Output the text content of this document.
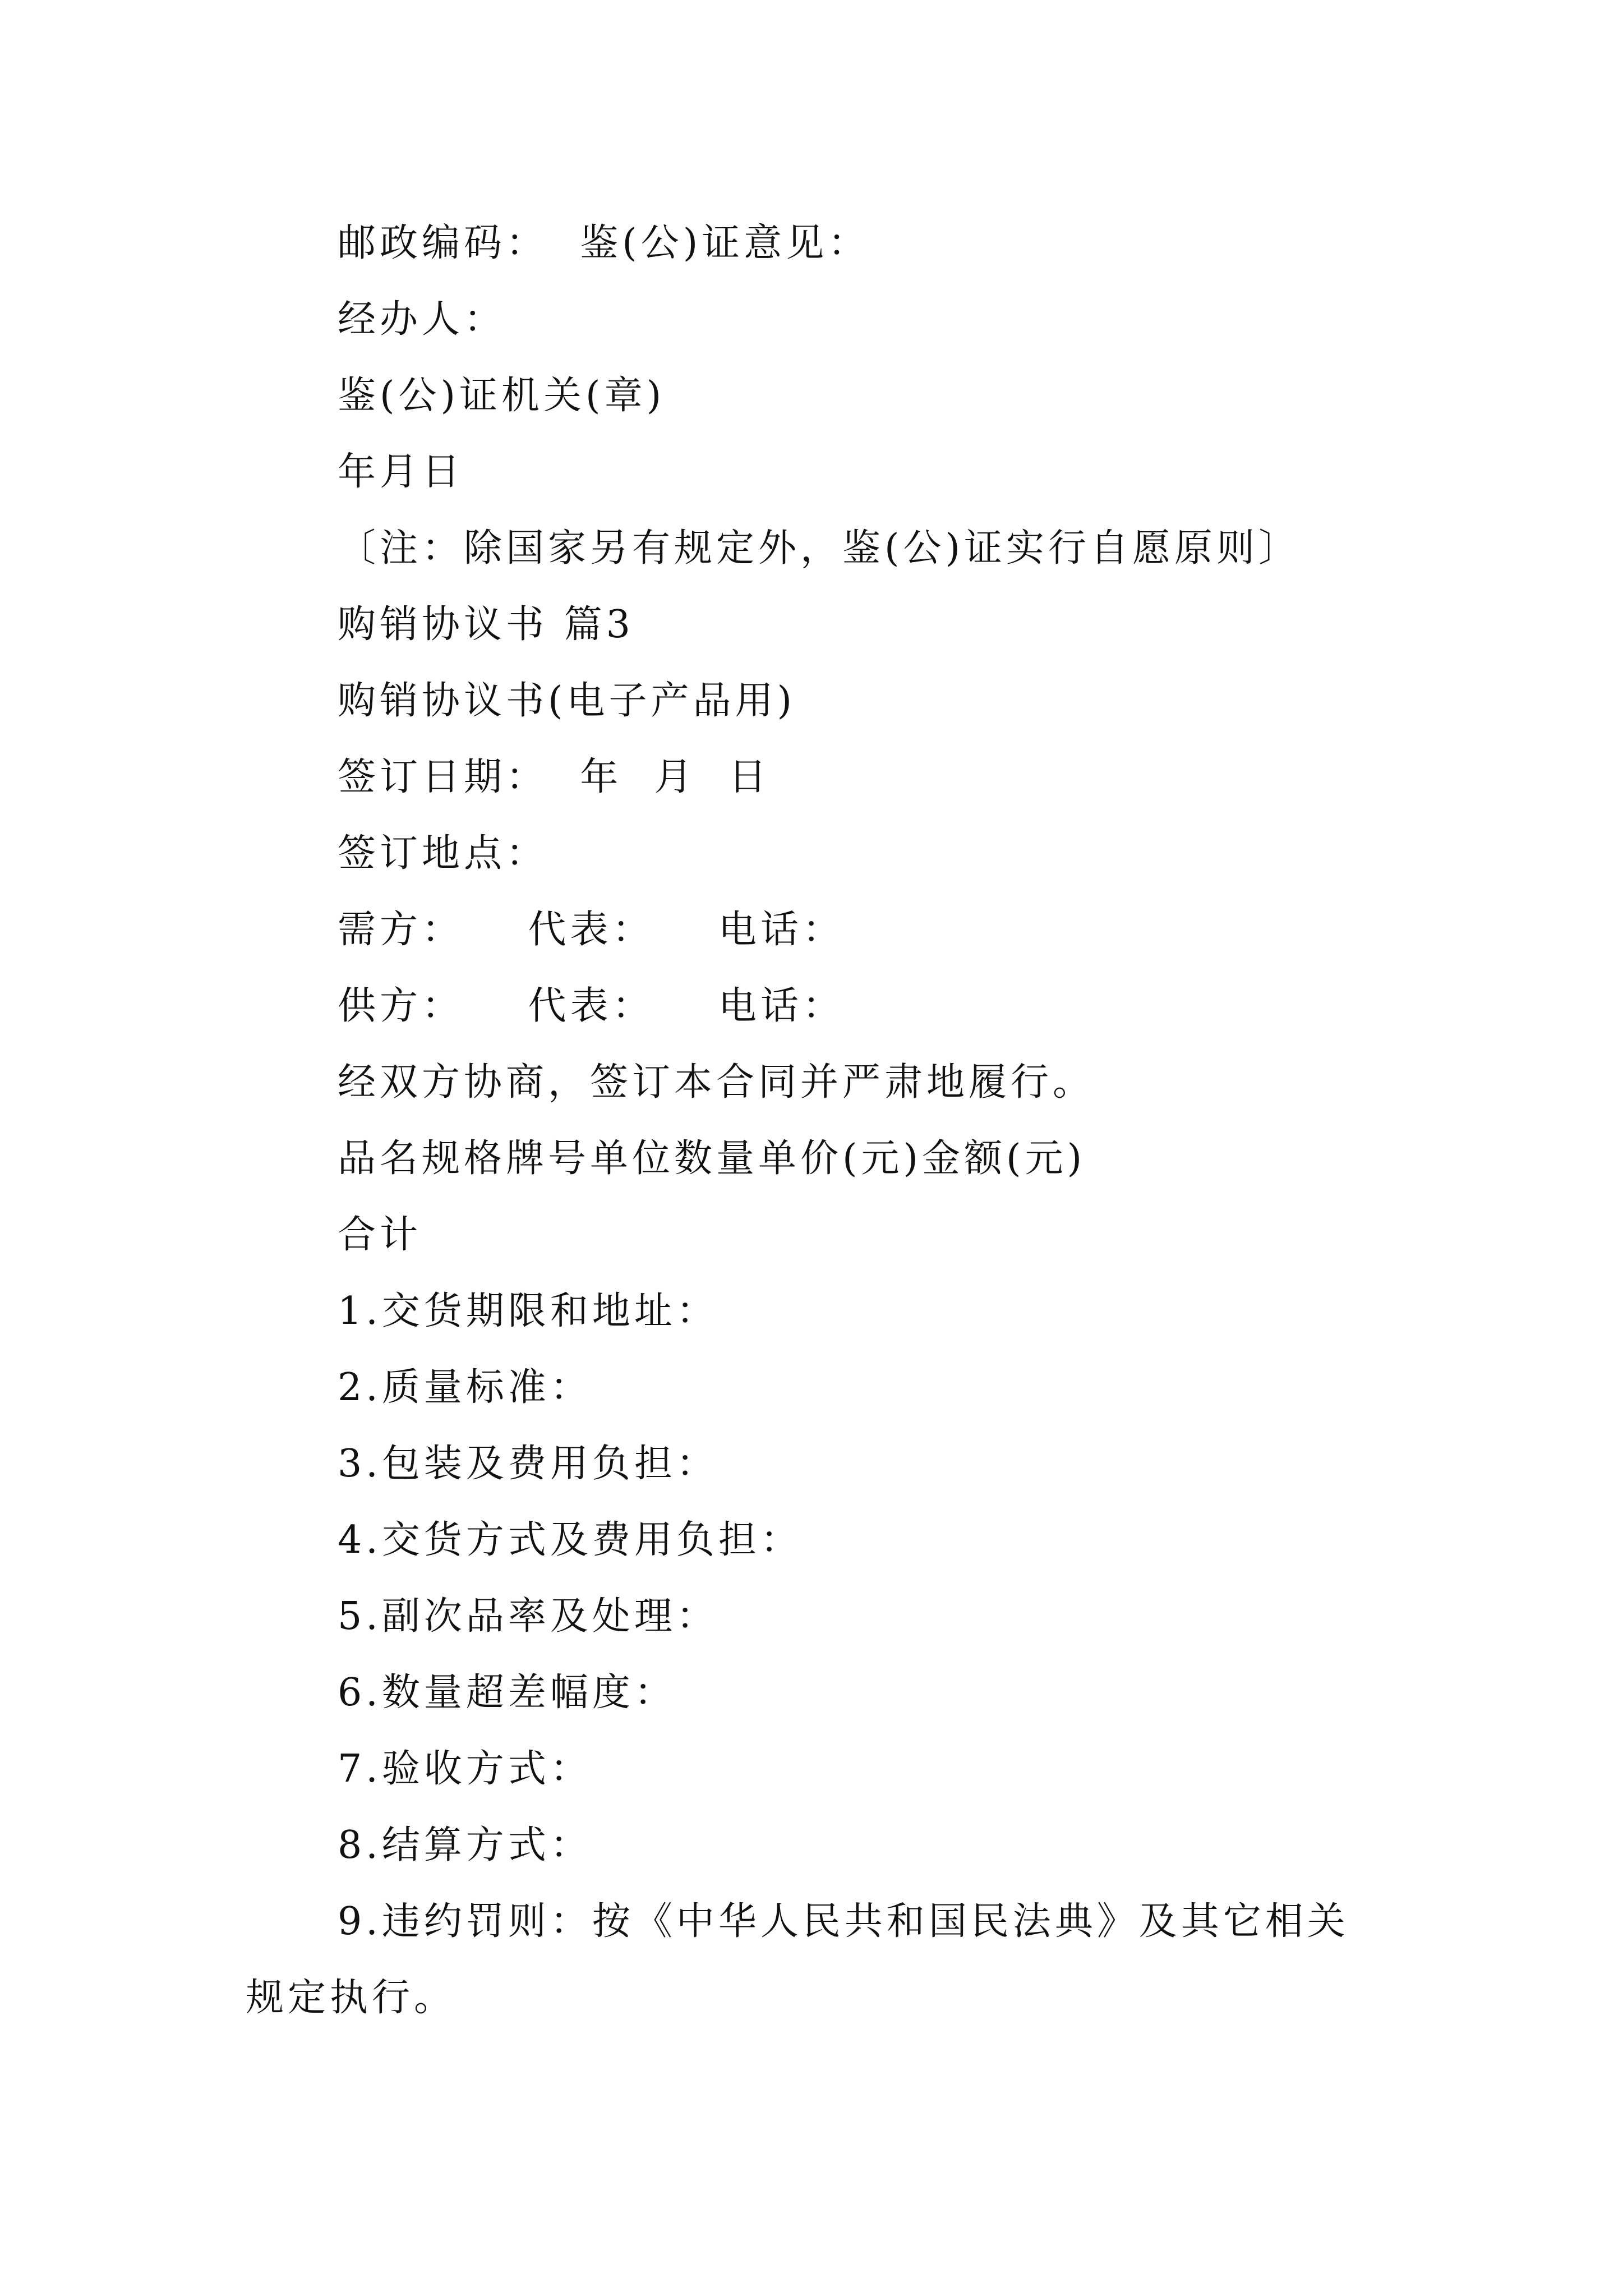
邮政编码：  鉴(公)证意见：
经办人：
鉴(公)证机关(章)
年月日
〔注：除国家另有规定外，鉴(公)证实行自愿原则〕
购销协议书 篇3
购销协议书(电子产品用)
签订日期：  年  月  日
签订地点：
需方：    代表：    电话：
供方：    代表：    电话：
经双方协商，签订本合同并严肃地履行。
品名规格牌号单位数量单价(元)金额(元)
合计
1.交货期限和地址：
2.质量标准：
3.包装及费用负担：
4.交货方式及费用负担：
5.副次品率及处理：
6.数量超差幅度：
7.验收方式：
8.结算方式：
9.违约罚则：按《中华人民共和国民法典》及其它相关
规定执行。
